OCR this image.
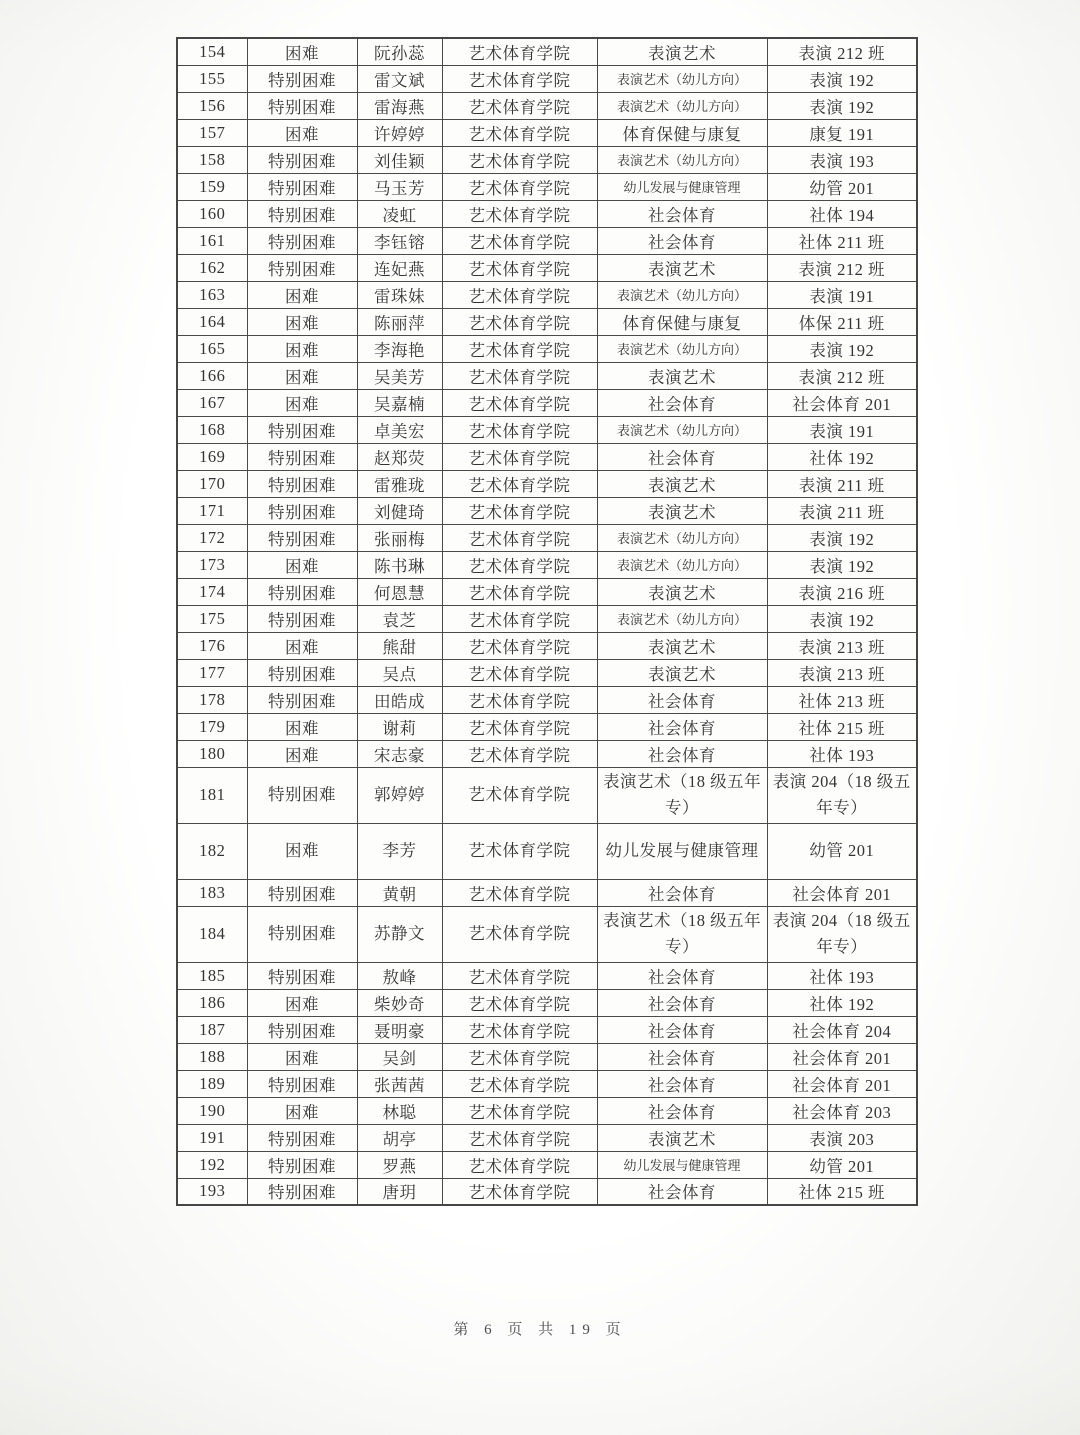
154	困难	阮孙蕊	艺术体育学院	表演艺术	表演 212 班
155	特别困难	雷文斌	艺术体育学院	表演艺术（幼儿方向）	表演 192
156	特别困难	雷海燕	艺术体育学院	表演艺术（幼儿方向）	表演 192
157	困难	许婷婷	艺术体育学院	体育保健与康复	康复 191
158	特别困难	刘佳颖	艺术体育学院	表演艺术（幼儿方向）	表演 193
159	特别困难	马玉芳	艺术体育学院	幼儿发展与健康管理	幼管 201
160	特别困难	凌虹	艺术体育学院	社会体育	社体 194
161	特别困难	李钰镕	艺术体育学院	社会体育	社体 211 班
162	特别困难	连妃燕	艺术体育学院	表演艺术	表演 212 班
163	困难	雷珠妹	艺术体育学院	表演艺术（幼儿方向）	表演 191
164	困难	陈丽萍	艺术体育学院	体育保健与康复	体保 211 班
165	困难	李海艳	艺术体育学院	表演艺术（幼儿方向）	表演 192
166	困难	吴美芳	艺术体育学院	表演艺术	表演 212 班
167	困难	吴嘉楠	艺术体育学院	社会体育	社会体育 201
168	特别困难	卓美宏	艺术体育学院	表演艺术（幼儿方向）	表演 191
169	特别困难	赵郑荧	艺术体育学院	社会体育	社体 192
170	特别困难	雷雅珑	艺术体育学院	表演艺术	表演 211 班
171	特别困难	刘健琦	艺术体育学院	表演艺术	表演 211 班
172	特别困难	张丽梅	艺术体育学院	表演艺术（幼儿方向）	表演 192
173	困难	陈书琳	艺术体育学院	表演艺术（幼儿方向）	表演 192
174	特别困难	何恩慧	艺术体育学院	表演艺术	表演 216 班
175	特别困难	袁芝	艺术体育学院	表演艺术（幼儿方向）	表演 192
176	困难	熊甜	艺术体育学院	表演艺术	表演 213 班
177	特别困难	吴点	艺术体育学院	表演艺术	表演 213 班
178	特别困难	田皓成	艺术体育学院	社会体育	社体 213 班
179	困难	谢莉	艺术体育学院	社会体育	社体 215 班
180	困难	宋志豪	艺术体育学院	社会体育	社体 193
181	特别困难	郭婷婷	艺术体育学院	表演艺术（18 级五年专）	表演 204（18 级五年专）
182	困难	李芳	艺术体育学院	幼儿发展与健康管理	幼管 201
183	特别困难	黄朝	艺术体育学院	社会体育	社会体育 201
184	特别困难	苏静文	艺术体育学院	表演艺术（18 级五年专）	表演 204（18 级五年专）
185	特别困难	敖峰	艺术体育学院	社会体育	社体 193
186	困难	柴妙奇	艺术体育学院	社会体育	社体 192
187	特别困难	聂明豪	艺术体育学院	社会体育	社会体育 204
188	困难	吴剑	艺术体育学院	社会体育	社会体育 201
189	特别困难	张茜茜	艺术体育学院	社会体育	社会体育 201
190	困难	林聪	艺术体育学院	社会体育	社会体育 203
191	特别困难	胡亭	艺术体育学院	表演艺术	表演 203
192	特别困难	罗燕	艺术体育学院	幼儿发展与健康管理	幼管 201
193	特别困难	唐玥	艺术体育学院	社会体育	社体 215 班
第 6 页 共 19 页
